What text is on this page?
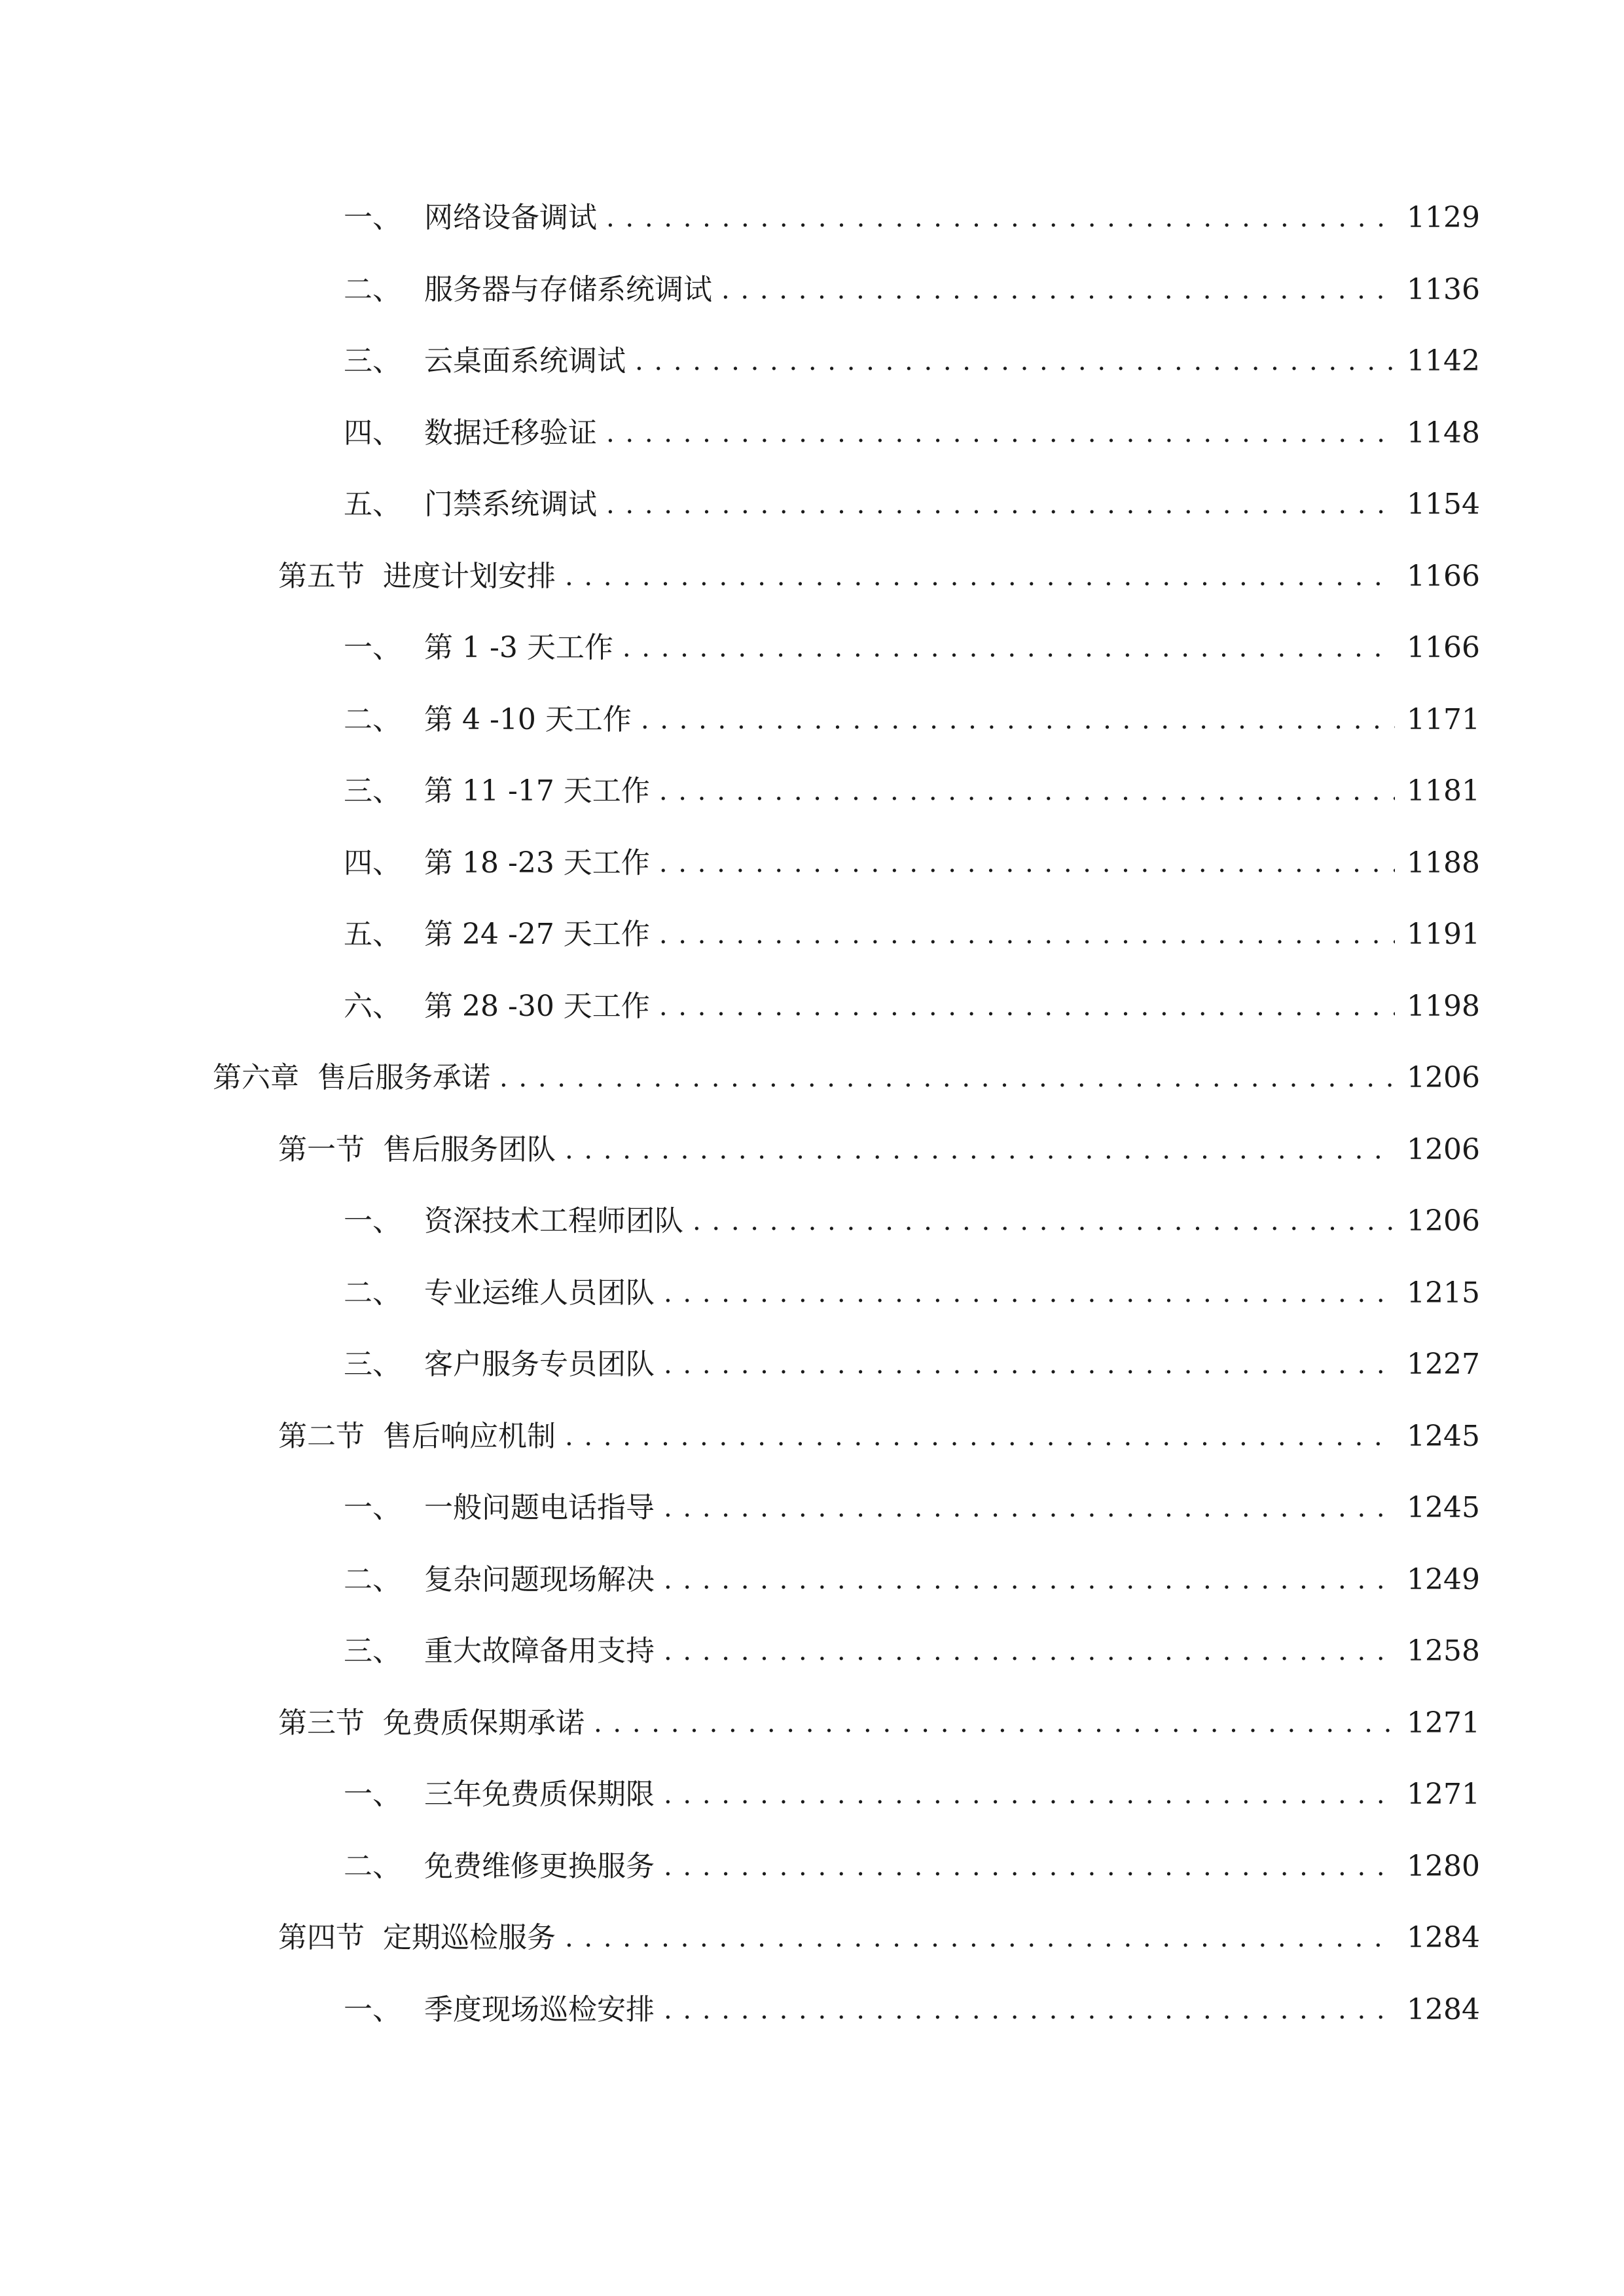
一、 网络设备调试 . . .	1129
二、 服务器与存储系统调试 . . .	1136
三、 云桌面系统调试 . . .	1142
四、 数据迁移验证 . . .	1148
五、 门禁系统调试 . . .	1154
第五节 进度计划安排 . . .	1166
一、 第 1 -3 天工作 . . .	1166
二、 第 4 -10 天工作 . . .	1171
三、 第 11 -17 天工作 . . .	1181
四、 第 18 -23 天工作 . . .	1188
五、 第 24 -27 天工作 . . .	1191
六、 第 28 -30 天工作 . . .	1198
第六章 售后服务承诺 . . .	1206
第一节 售后服务团队 . . .	1206
一、 资深技术工程师团队 . . .	1206
二、 专业运维人员团队 . . .	1215
三、 客户服务专员团队 . . .	1227
第二节 售后响应机制 . . .	1245
一、 一般问题电话指导 . . .	1245
二、 复杂问题现场解决 . . .	1249
三、 重大故障备用支持 . . .	1258
第三节 免费质保期承诺 . . .	1271
一、 三年免费质保期限 . . .	1271
二、 免费维修更换服务 . . .	1280
第四节 定期巡检服务 . . .	1284
一、 季度现场巡检安排 . . .	1284
